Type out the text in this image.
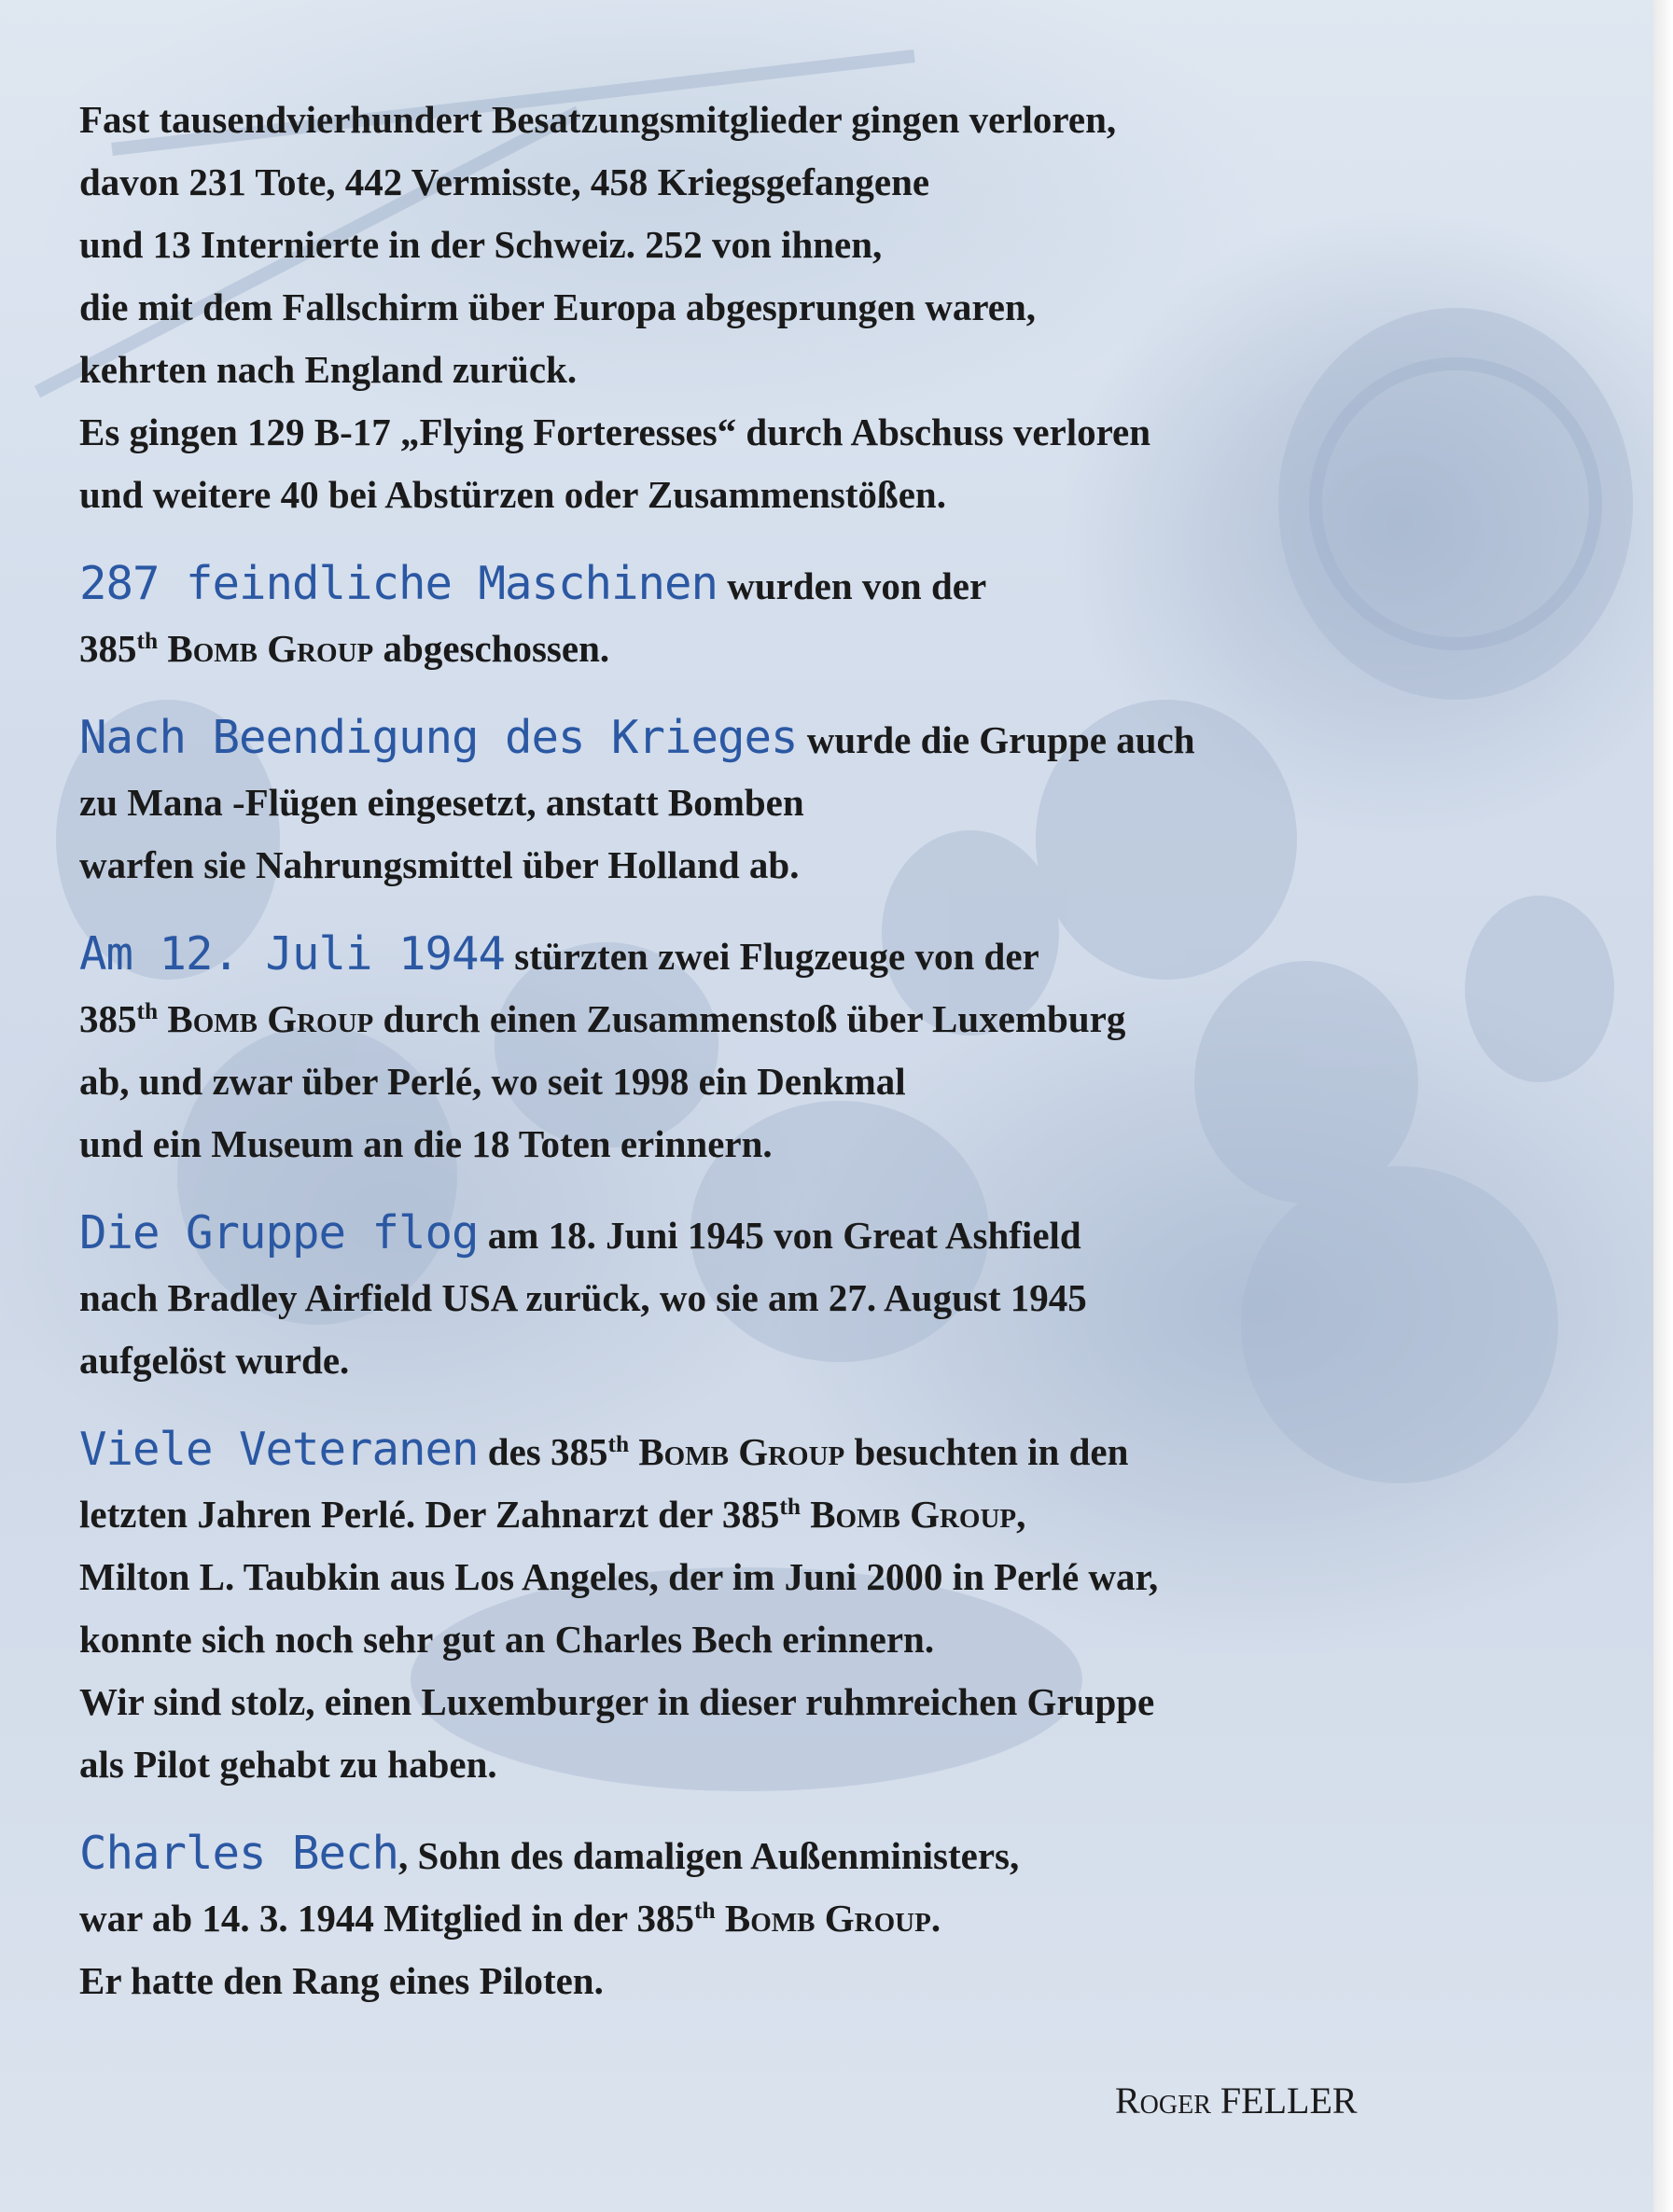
Fast tausendvierhundert Besatzungsmitglieder gingen verloren,
davon 231 Tote, 442 Vermisste, 458 Kriegsgefangene
und 13 Internierte in der Schweiz. 252 von ihnen,
die mit dem Fallschirm über Europa abgesprungen waren,
kehrten nach England zurück.
Es gingen 129 B-17 „Flying Forteresses“ durch Abschuss verloren
und weitere 40 bei Abstürzen oder Zusammenstößen.

287 feindliche Maschinen wurden von der
385th Bomb Group abgeschossen.

Nach Beendigung des Krieges wurde die Gruppe auch
zu Mana -Flügen eingesetzt, anstatt Bomben
warfen sie Nahrungsmittel über Holland ab.

Am 12. Juli 1944 stürzten zwei Flugzeuge von der
385th Bomb Group durch einen Zusammenstoß über Luxemburg
ab, und zwar über Perlé, wo seit 1998 ein Denkmal
und ein Museum an die 18 Toten erinnern.

Die Gruppe flog am 18. Juni 1945 von Great Ashfield
nach Bradley Airfield USA zurück, wo sie am 27. August 1945
aufgelöst wurde.

Viele Veteranen des 385th Bomb Group besuchten in den
letzten Jahren Perlé. Der Zahnarzt der 385th Bomb Group,
Milton L. Taubkin aus Los Angeles, der im Juni 2000 in Perlé war,
konnte sich noch sehr gut an Charles Bech erinnern.
Wir sind stolz, einen Luxemburger in dieser ruhmreichen Gruppe
als Pilot gehabt zu haben.

Charles Bech, Sohn des damaligen Außenministers,
war ab 14. 3. 1944 Mitglied in der 385th Bomb Group.
Er hatte den Rang eines Piloten.

Roger FELLER
